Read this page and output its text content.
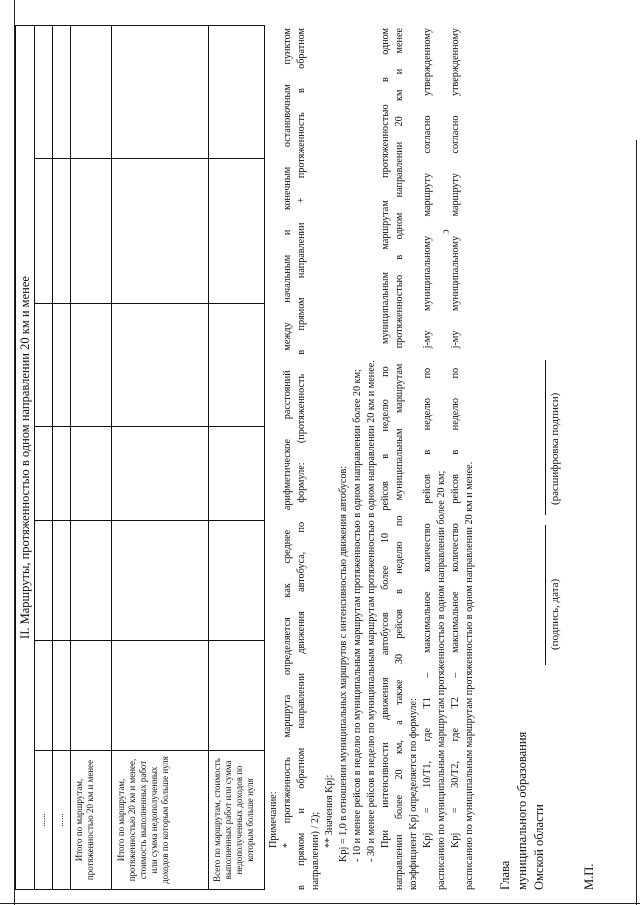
ↄ
II. Маршруты, протяженностью в одном направлении 20 км и менее
...... ...... Итого по маршрутам, протяженностью 20 км и менее Итого по маршрутам, протяженностью 20 км и менее, стоимость выполненных работ или сумма недополученных доходов по которым больше нуля	Всего по маршрутам, стоимость выполненных работ или сумма недополученных доходов по которым больше нуля Примечание: * протяженность маршрута определяется как среднее арифметическое расстояний между начальным и конечным остановочным пунктом в прямом и обратном направлении движения автобуса, по формуле: (протяженность в прямом направлении + протяженность в обратном направлении) / 2);
** Значения Kpj: Kpj = 1,0 в отношении муниципальных маршрутов с интенсивностью движения автобусов: - 10 и менее рейсов в неделю по муниципальным маршрутам протяженностью в одном направлении более 20 км; - 30 и менее рейсов в неделю по муниципальным маршрутам протяженностью в одном направлении 20 км и менее. При интенсивности движения автобусов более 10 рейсов в неделю по муниципальным маршрутам протяженностью в одном направлении более 20 км, а также 30 рейсов в неделю по муниципальным маршрутам протяженностью в одном направлении 20 км и менее коэффициент Kpj определяется по формуле: Kpj = 10/T1, где T1 – максимальное количество рейсов в неделю по j-му муниципальному маршруту согласно утвержденному расписанию по муниципальным маршрутам протяженностью в одном направлении более 20 км; Kpj = 30/T2, где T2 – максимальное количество рейсов в неделю по j-му муниципальному маршруту согласно утвержденному расписанию по муниципальным маршрутам протяженностью в одном направлении 20 км и менее. Глава муниципального образования Омской области
(подпись, дата)
(расшифровка подписи)
М.П.
